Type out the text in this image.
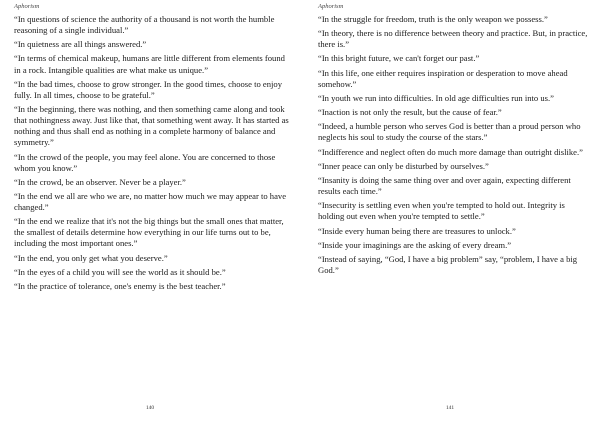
Aphorism

“In questions of science the authority of a thousand is not worth the humble reasoning of a single individual.”

“In quietness are all things answered.”

“In terms of chemical makeup, humans are little different from elements found in a rock. Intangible qualities are what make us unique.”

“In the bad times, choose to grow stronger. In the good times, choose to enjoy fully. In all times, choose to be grateful.”

“In the beginning, there was nothing, and then something came along and took that nothingness away. Just like that, that something went away. It has started as nothing and thus shall end as nothing in a complete harmony of balance and symmetry.”

“In the crowd of the people, you may feel alone. You are concerned to those whom you know.”

“In the crowd, be an observer. Never be a player.”

“In the end we all are who we are, no matter how much we may appear to have changed.”

“In the end we realize that it's not the big things but the small ones that matter, the smallest of details determine how everything in our life turns out to be, including the most important ones.”

“In the end, you only get what you deserve.”

“In the eyes of a child you will see the world as it should be.”

“In the practice of tolerance, one's enemy is the best teacher.”

140
Aphorism

“In the struggle for freedom, truth is the only weapon we possess.”

“In theory, there is no difference between theory and practice. But, in practice, there is.”

“In this bright future, we can't forget our past.”

“In this life, one either requires inspiration or desperation to move ahead somehow.”

“In youth we run into difficulties. In old age difficulties run into us.”

“Inaction is not only the result, but the cause of fear.”

“Indeed, a humble person who serves God is better than a proud person who neglects his soul to study the course of the stars.”

“Indifference and neglect often do much more damage than outright dislike.”

“Inner peace can only be disturbed by ourselves.”

“Insanity is doing the same thing over and over again, expecting different results each time.”

“Insecurity is settling even when you're tempted to hold out. Integrity is holding out even when you're tempted to settle.”

“Inside every human being there are treasures to unlock.”

“Inside your imaginings are the asking of every dream.”

“Instead of saying, “God, I have a big problem” say, “problem, I have a big God.”

141
